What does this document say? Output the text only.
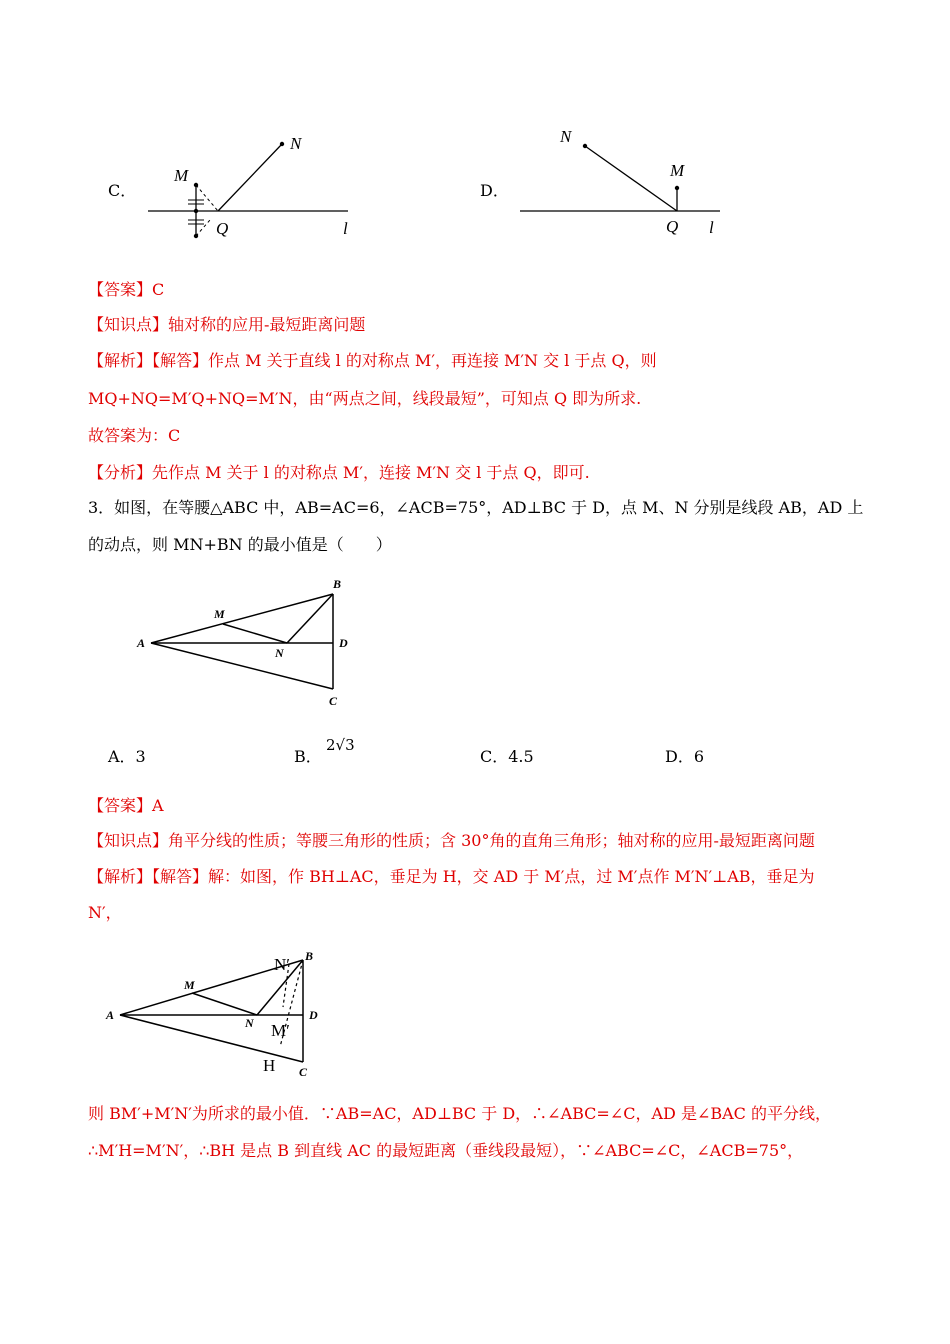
C．
M
N
Q	l
D．
N
M
Q l
【答案】C
【知识点】轴对称的应用-最短距离问题
【解析】【解答】作点 M 关于直线 l 的对称点 M′，再连接 M′N 交 l 于点 Q，则
MQ+NQ=M′Q+NQ=M′N，由“两点之间，线段最短”，可知点 Q 即为所求.
故答案为：C
【分析】先作点 M 关于 l 的对称点 M′，连接 M′N 交 l 于点 Q，即可.
3．如图，在等腰△ABC 中，AB=AC=6，∠ACB=75°，AD⊥BC 于 D，点 M、N 分别是线段 AB，AD 上
的动点，则 MN+BN 的最小值是（　　）
A
B
D
C
M
N
A．3	B．
2√3
C．4.5	D．6
【答案】A
【知识点】角平分线的性质；等腰三角形的性质；含 30°角的直角三角形；轴对称的应用-最短距离问题
【解析】【解答】解：如图，作 BH⊥AC，垂足为 H，交 AD 于 M′点，过 M′点作 M′N′⊥AB，垂足为
N′，
A
B
D
C
M
N
N′
M′
H
则 BM′+M′N′为所求的最小值．∵AB=AC，AD⊥BC 于 D，∴∠ABC=∠C，AD 是∠BAC 的平分线，
∴M′H=M′N′，∴BH 是点 B 到直线 AC 的最短距离（垂线段最短），∵∠ABC=∠C，∠ACB=75°，
